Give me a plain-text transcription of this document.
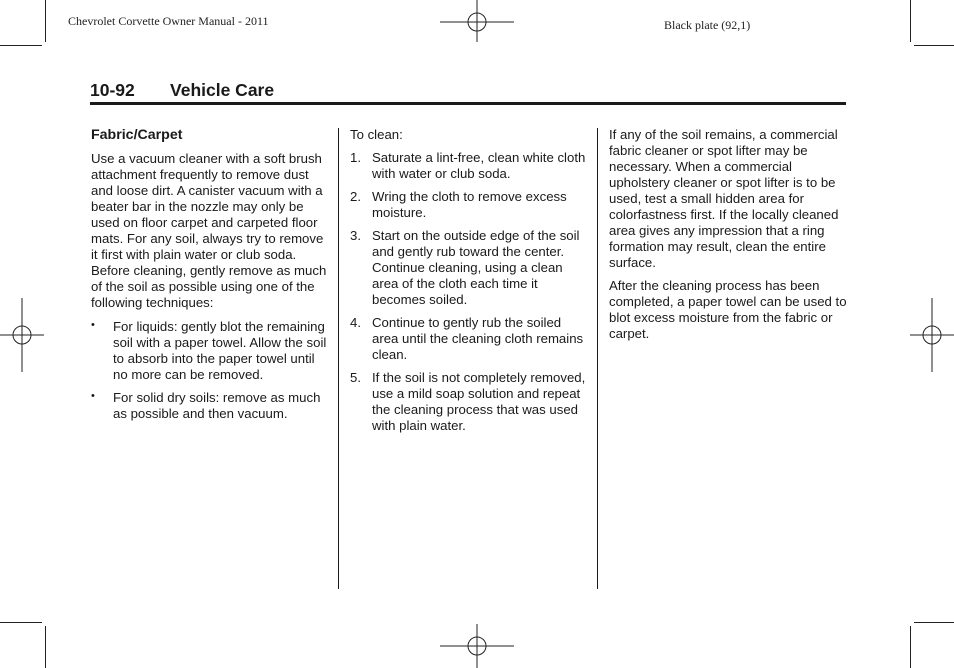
Chevrolet Corvette Owner Manual - 2011	Black plate (92,1)
10-92 Vehicle Care

Fabric/Carpet

Use a vacuum cleaner with a soft brush attachment frequently to remove dust and loose dirt. A canister vacuum with a beater bar in the nozzle may only be used on floor carpet and carpeted floor mats. For any soil, always try to remove it first with plain water or club soda. Before cleaning, gently remove as much of the soil as possible using one of the following techniques:

• For liquids: gently blot the remaining soil with a paper towel. Allow the soil to absorb into the paper towel until no more can be removed.
• For solid dry soils: remove as much as possible and then vacuum.

To clean:

1. Saturate a lint-free, clean white cloth with water or club soda.
2. Wring the cloth to remove excess moisture.
3. Start on the outside edge of the soil and gently rub toward the center. Continue cleaning, using a clean area of the cloth each time it becomes soiled.
4. Continue to gently rub the soiled area until the cleaning cloth remains clean.
5. If the soil is not completely removed, use a mild soap solution and repeat the cleaning process that was used with plain water.

If any of the soil remains, a commercial fabric cleaner or spot lifter may be necessary. When a commercial upholstery cleaner or spot lifter is to be used, test a small hidden area for colorfastness first. If the locally cleaned area gives any impression that a ring formation may result, clean the entire surface.

After the cleaning process has been completed, a paper towel can be used to blot excess moisture from the fabric or carpet.
